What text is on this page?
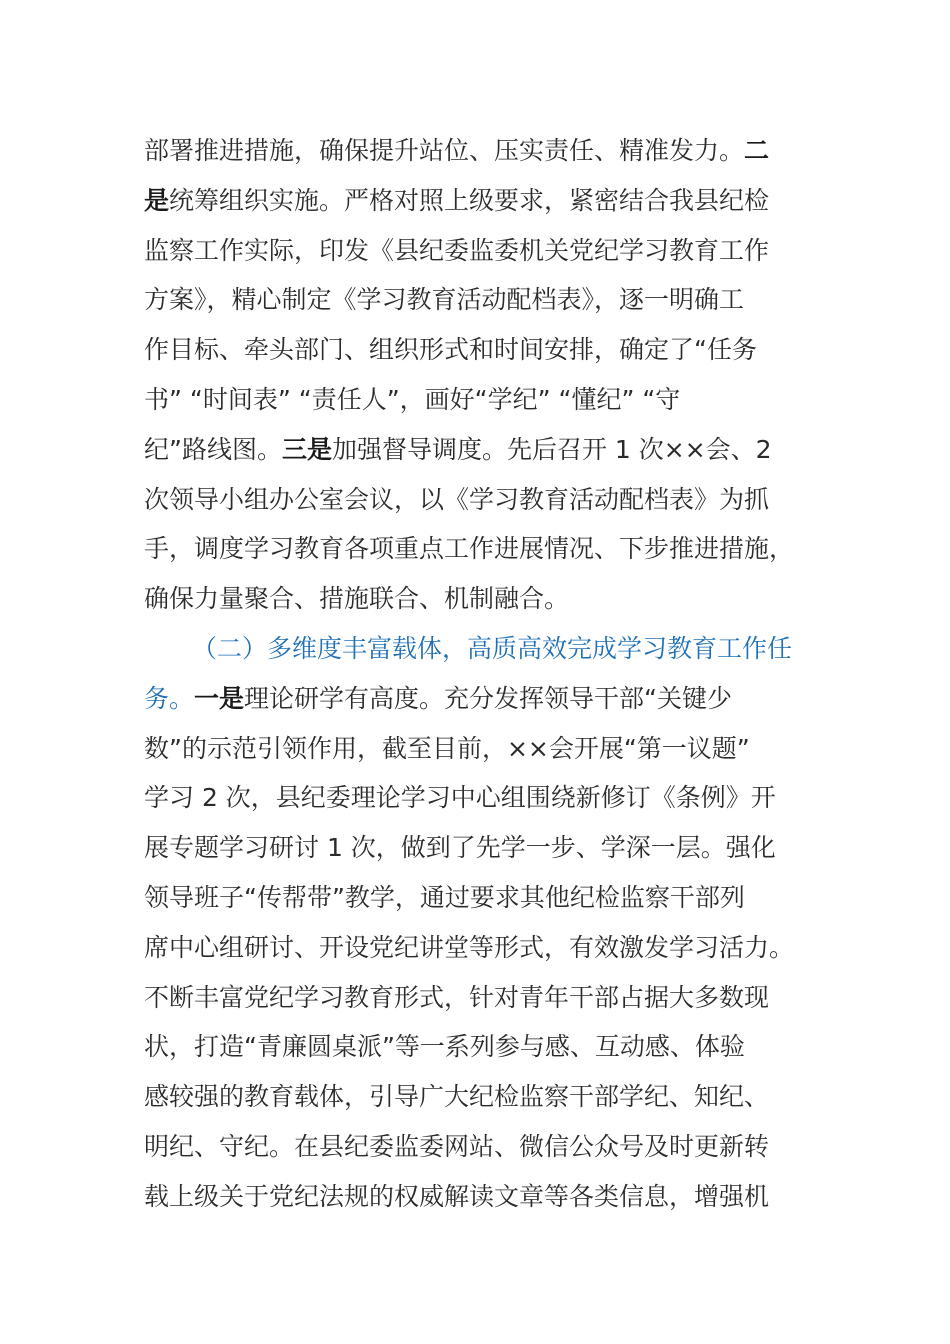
部署推进措施，确保提升站位、压实责任、精准发力。二
是统筹组织实施。严格对照上级要求，紧密结合我县纪检
监察工作实际，印发《县纪委监委机关党纪学习教育工作
方案》，精心制定《学习教育活动配档表》，逐一明确工
作目标、牵头部门、组织形式和时间安排，确定了“任务
书” “时间表” “责任人”，画好“学纪” “懂纪” “守
纪”路线图。三是加强督导调度。先后召开 1 次××会、2
次领导小组办公室会议，以《学习教育活动配档表》为抓
手，调度学习教育各项重点工作进展情况、下步推进措施，
确保力量聚合、措施联合、机制融合。
（二）多维度丰富载体，高质高效完成学习教育工作任
务。一是理论研学有高度。充分发挥领导干部“关键少
数”的示范引领作用，截至目前，××会开展“第一议题”
学习 2 次，县纪委理论学习中心组围绕新修订《条例》开
展专题学习研讨 1 次，做到了先学一步、学深一层。强化
领导班子“传帮带”教学，通过要求其他纪检监察干部列
席中心组研讨、开设党纪讲堂等形式，有效激发学习活力。
不断丰富党纪学习教育形式，针对青年干部占据大多数现
状，打造“青廉圆桌派”等一系列参与感、互动感、体验
感较强的教育载体，引导广大纪检监察干部学纪、知纪、
明纪、守纪。在县纪委监委网站、微信公众号及时更新转
载上级关于党纪法规的权威解读文章等各类信息，增强机
